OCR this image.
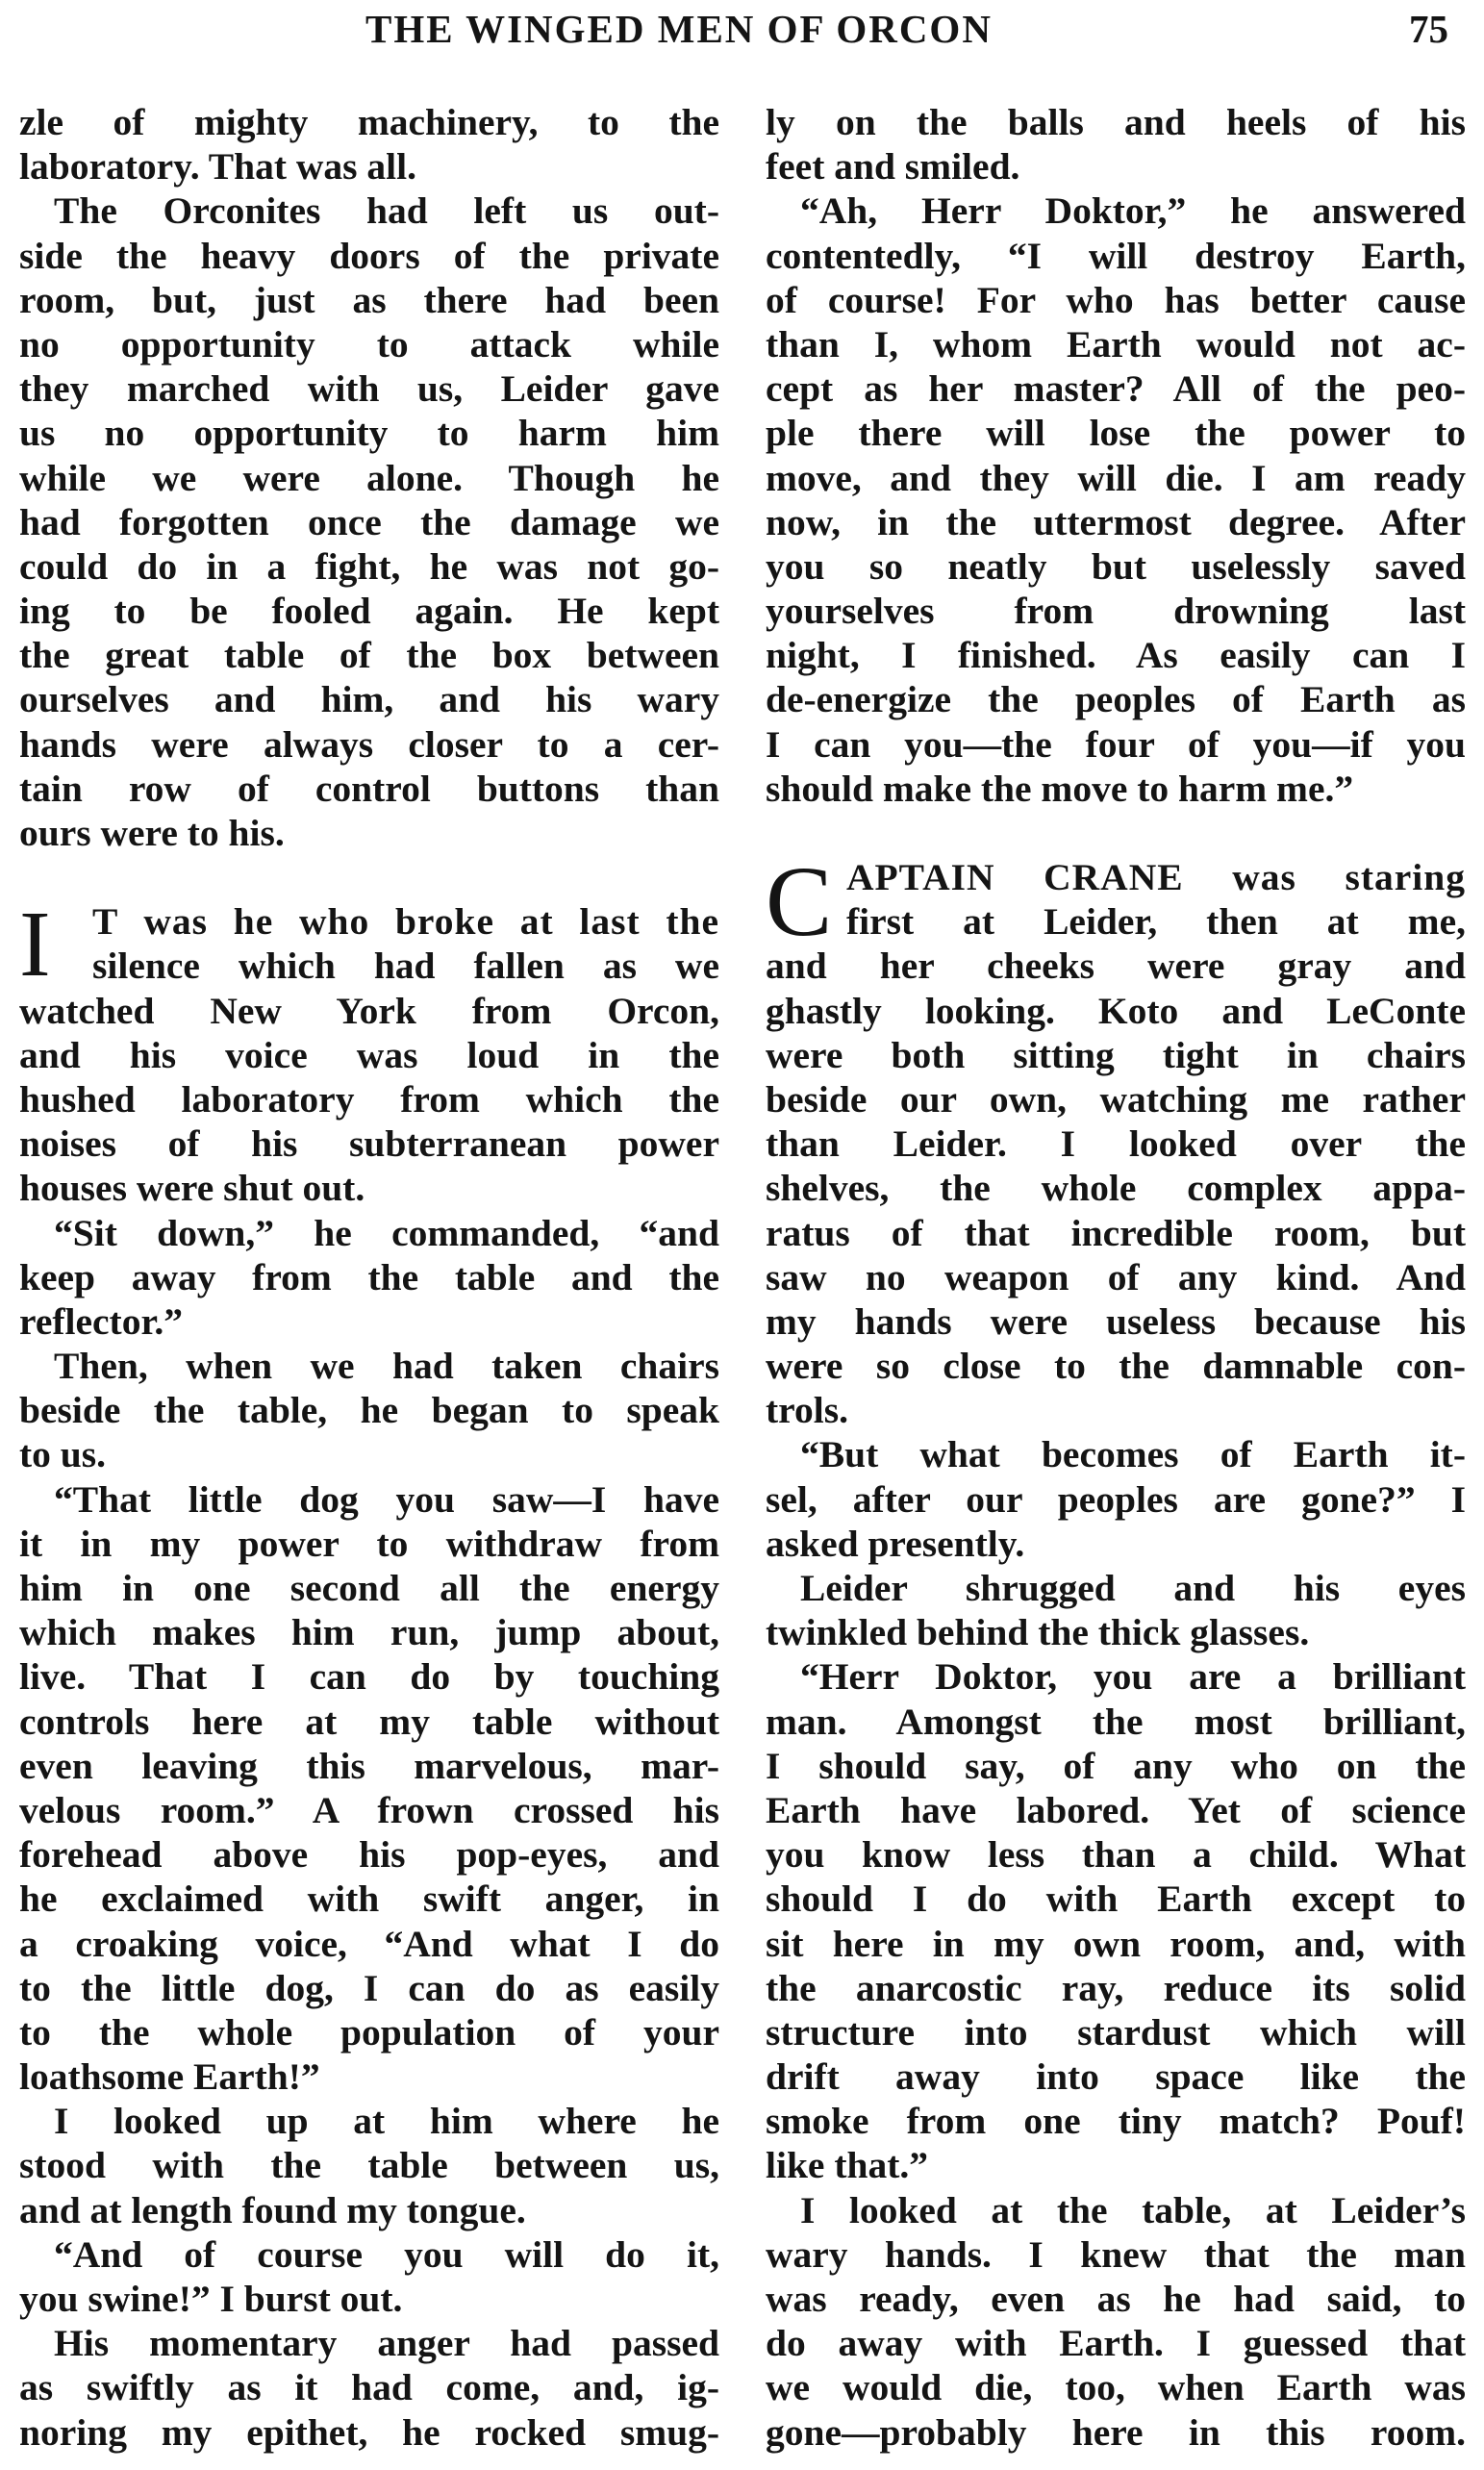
THE WINGED MEN OF ORCON	75
zle of mighty machinery, to the
laboratory. That was all.
The Orconites had left us out-
side the heavy doors of the private
room, but, just as there had been
no opportunity to attack while
they marched with us, Leider gave
us no opportunity to harm him
while we were alone. Though he
had forgotten once the damage we
could do in a fight, he was not go-
ing to be fooled again. He kept
the great table of the box between
ourselves and him, and his wary
hands were always closer to a cer-
tain row of control buttons than
ours were to his.
I	T was he who broke at last the
silence which had fallen as we
watched New York from Orcon,
and his voice was loud in the
hushed laboratory from which the
noises of his subterranean power
houses were shut out.
“Sit down,” he commanded, “and
keep away from the table and the
reflector.”
Then, when we had taken chairs
beside the table, he began to speak
to us.
“That little dog you saw—I have
it in my power to withdraw from
him in one second all the energy
which makes him run, jump about,
live. That I can do by touching
controls here at my table without
even leaving this marvelous, mar-
velous room.” A frown crossed his
forehead above his pop-eyes, and
he exclaimed with swift anger, in
a croaking voice, “And what I do
to the little dog, I can do as easily
to the whole population of your
loathsome Earth!”
I looked up at him where he
stood with the table between us,
and at length found my tongue.
“And of course you will do it,
you swine!” I burst out.
His momentary anger had passed
as swiftly as it had come, and, ig-
noring my epithet, he rocked smug-
ly on the balls and heels of his
feet and smiled.
“Ah, Herr Doktor,” he answered
contentedly, “I will destroy Earth,
of course! For who has better cause
than I, whom Earth would not ac-
cept as her master? All of the peo-
ple there will lose the power to
move, and they will die. I am ready
now, in the uttermost degree. After
you so neatly but uselessly saved
yourselves from drowning last
night, I finished. As easily can I
de-energize the peoples of Earth as
I can you—the four of you—if you
should make the move to harm me.”
C APTAIN CRANE was staring
first at Leider, then at me,
and her cheeks were gray and
ghastly looking. Koto and LeConte
were both sitting tight in chairs
beside our own, watching me rather
than Leider. I looked over the
shelves, the whole complex appa-
ratus of that incredible room, but
saw no weapon of any kind. And
my hands were useless because his
were so close to the damnable con-
trols.
“But what becomes of Earth it-
sel, after our peoples are gone?” I
asked presently.
Leider shrugged and his eyes
twinkled behind the thick glasses.
“Herr Doktor, you are a brilliant
man. Amongst the most brilliant,
I should say, of any who on the
Earth have labored. Yet of science
you know less than a child. What
should I do with Earth except to
sit here in my own room, and, with
the anarcostic ray, reduce its solid
structure into stardust which will
drift away into space like the
smoke from one tiny match? Pouf!
like that.”
I looked at the table, at Leider’s
wary hands. I knew that the man
was ready, even as he had said, to
do away with Earth. I guessed that
we would die, too, when Earth was
gone—probably here in this room.
